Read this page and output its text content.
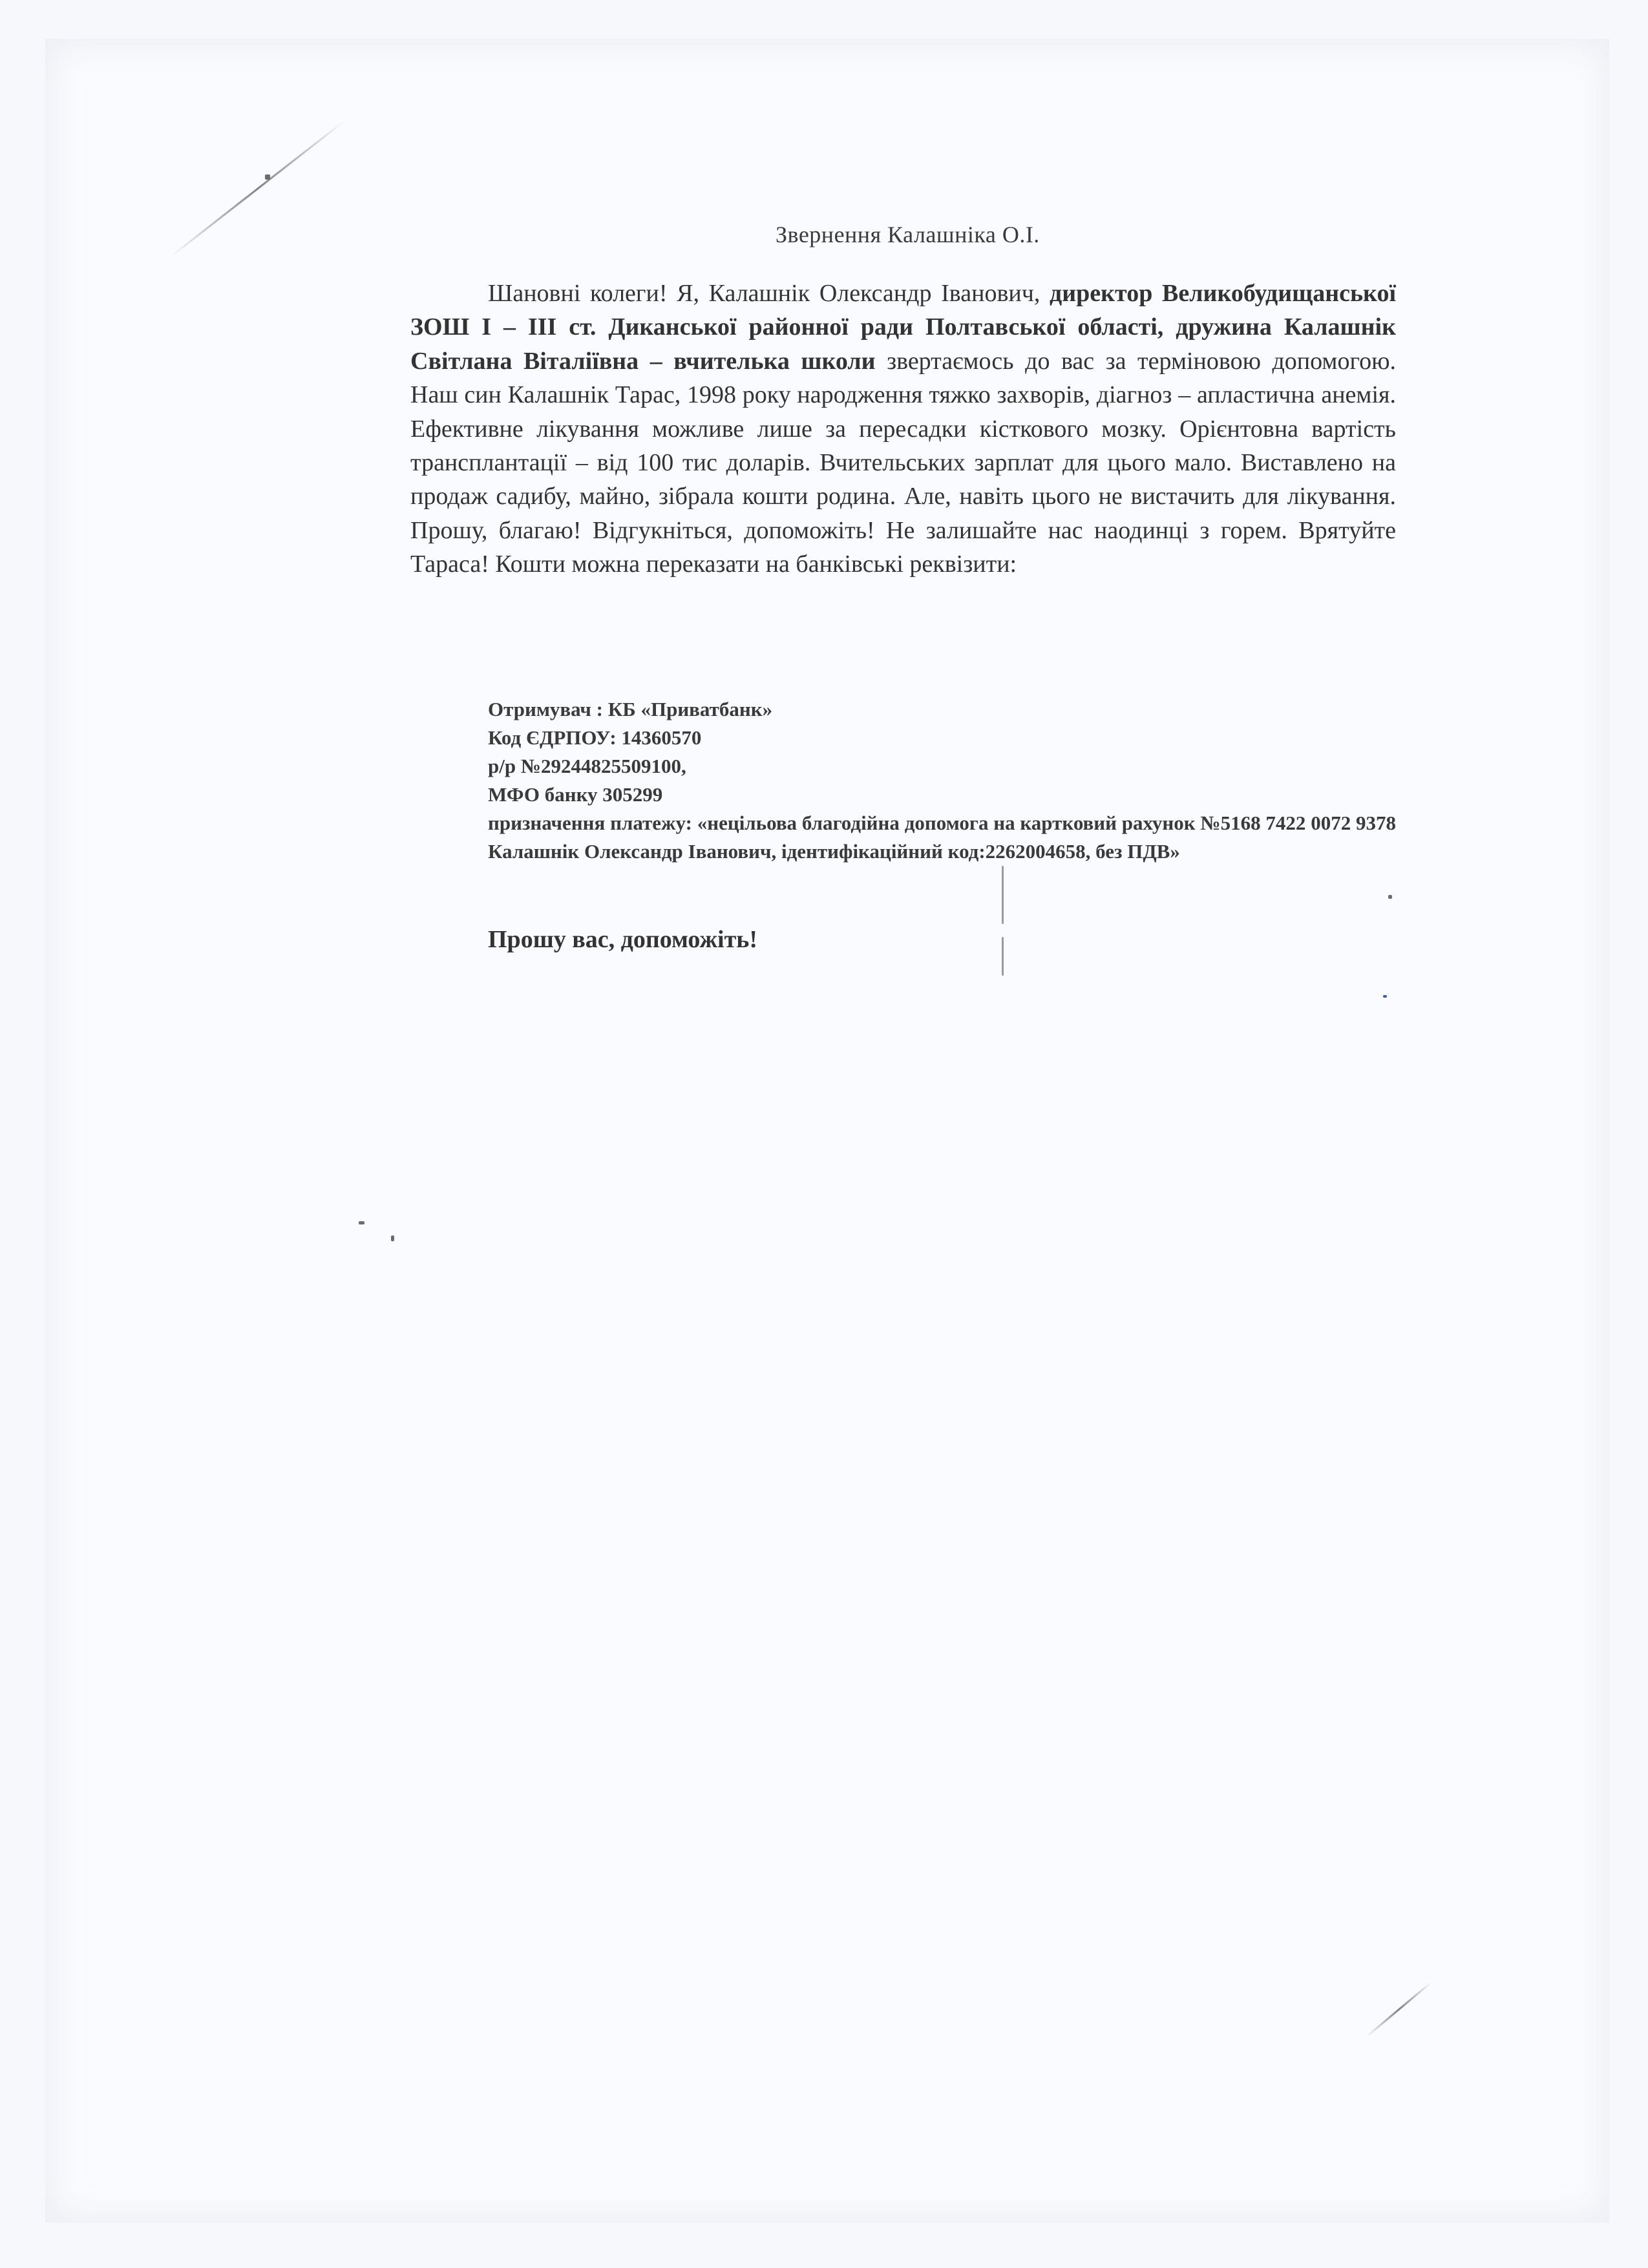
Звернення Калашніка О.І.
Шановні колеги! Я, Калашнік Олександр Іванович, директор Великобудищанської ЗОШ І – ІІІ ст. Диканської районної ради Полтавської області, дружина Калашнік Світлана Віталіївна – вчителька школи звертаємось до вас за терміновою допомогою. Наш син Калашнік Тарас, 1998 року народження тяжко захворів, діагноз – апластична анемія. Ефективне лікування можливе лише за пересадки кісткового мозку. Орієнтовна вартість трансплантації – від 100 тис доларів. Вчительських зарплат для цього мало. Виставлено на продаж садибу, майно, зібрала кошти родина. Але, навіть цього не вистачить для лікування. Прошу, благаю! Відгукніться, допоможіть! Не залишайте нас наодинці з горем. Врятуйте Тараса! Кошти можна переказати на банківські реквізити:
Отримувач : КБ «Приватбанк»
Код ЄДРПОУ: 14360570
р/р №29244825509100,
МФО банку 305299
призначення платежу: «нецільова благодійна допомога на картковий рахунок №5168 7422 0072 9378 Калашнік Олександр Іванович, ідентифікаційний код:2262004658, без ПДВ»
Прошу вас, допоможіть!
